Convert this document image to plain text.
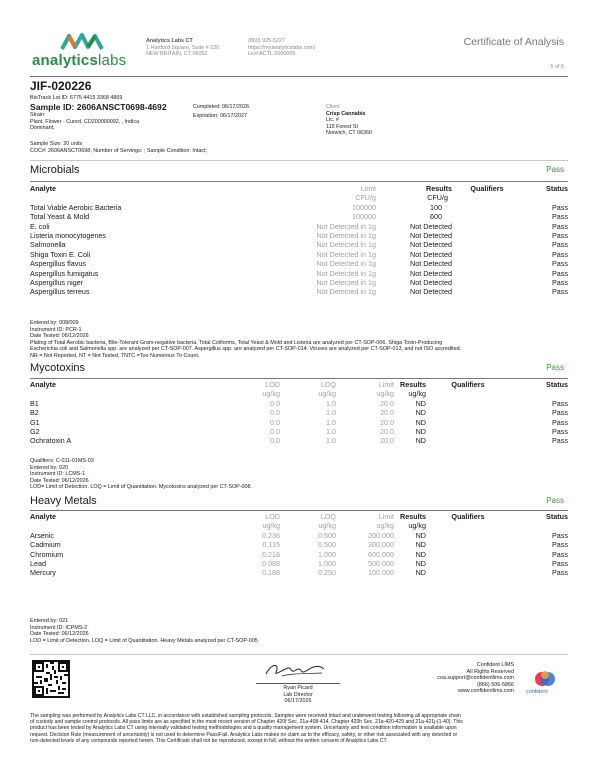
analyticslabs
Analytics Labs CT
1 Hartford Square, Suite # 230
NEW BRITAIN, CT 06052
(860) 925-5227
https://myanalyticslabs.com/
Lic# ACTL.0000005
Certificate of Analysis
5 of 5
JIF-020226
BioTrack Lot ID: 6775 4415 3368 4869
Sample ID: 2606ANSCT0698-4692
Strain:
Plant, Flower - Cured, CD200000092, , Indica
Dominant,
Completed: 06/17/2026
Expiration: 06/17/2027
Sample Size: 20 units
COC#: 2606ANSCT0698; Number of Servings: ; Sample Condition: Intact;
Client
Crisp Cannabis
Lic. #
115 Forest St
Norwich, CT 06360
Microbials	Pass
Analyte	Limit	Results	Qualifiers	Status
	CFU/g	CFU/g		
Total Viable Aerobic Bacteria	100000	100		Pass
Total Yeast & Mold	100000	600		Pass
E. coli	Not Detected in 1g	Not Detected		Pass
Listeria monocytogenes	Not Detected in 1g	Not Detected		Pass
Salmonella	Not Detected in 1g	Not Detected		Pass
Shiga Toxin E. Coli	Not Detected in 1g	Not Detected		Pass
Aspergillus flavus	Not Detected in 1g	Not Detected		Pass
Aspergillus fumigatus	Not Detected in 1g	Not Detected		Pass
Aspergillus niger	Not Detected in 1g	Not Detected		Pass
Aspergillus terreus	Not Detected in 1g	Not Detected		Pass
Entered by: 008/009
Instrument ID: PCR-1
Date Tested: 06/12/2026
Plating of Total Aerobic bacteria, Bile-Tolerant Gram-negative bacteria, Total Coliforms, Total Yeast & Mold and Listeria are analyzed per CT-SOP-006. Shiga Toxin-Producing
Escherichia coli and Salmonella spp. are analyzed per CT-SOP-007. Aspergillus spp. are analyzed per CT-SOP-014. Viruses are analyzed per CT-SOP-013, and not ISO accredited.
NR = Not Reported, NT = Not Tested, TNTC =Too Numerous To Count.
Mycotoxins	Pass
Analyte	LOD	LOQ	Limit	Results	Qualifiers	Status
	ug/kg	ug/kg	ug/kg	ug/kg		
B1	0.0	1.0	20.0	ND		Pass
B2	0.0	1.0	20.0	ND		Pass
G1	0.0	1.0	20.0	ND		Pass
G2	0.0	1.0	20.0	ND		Pass
Ochratoxin A	0.0	1.0	20.0	ND		Pass
Qualifiers: C-011-01MS-03
Entered by: 020
Instrument ID: LCMS-1
Date Tested: 06/12/2026
LOD= Limit of Detection. LOQ = Limit of Quantitation. Mycotoxins analyzed per CT-SOP-008.
Heavy Metals	Pass
Analyte	LOD	LOQ	Limit	Results	Qualifiers	Status
	ug/kg	ug/kg	ug/kg	ug/kg		
Arsenic	0.236	0.500	200.000	ND		Pass
Cadmium	0.115	0.500	200.000	ND		Pass
Chromium	0.216	1.000	600.000	ND		Pass
Lead	0.088	1.000	500.000	ND		Pass
Mercury	0.188	0.250	100.000	ND		Pass
Entered by: 021
Instrument ID: ICPMS-2
Date Tested: 06/12/2026
LOD = Limit of Detection. LOQ = Limit of Quantitation. Heavy Metals analyzed per CT-SOP-005
Ryan Picard
Lab Director
06/17/2026
Confident LIMS
All Rights Reserved
coa.support@confidentlims.com
(866) 506-5866
www.confidentlims.com confident
The sampling was performed by Analytics Labs CT LLC, in accordance with established sampling protocols. Samples were received intact and underwent testing following all appropriate chain
of custody and sample control protocols. All pass limits are as specified in the most recent version of Chapter 420f Sec. 21a-408-414, Chapter 420h Sec. 21a-420-429 and 21a-421j-(1-40). This
product has been tested by Analytics Labs CT using internally validated testing methodologies and a quality management system. Uncertainty and test condition information is available upon
request. Decision Rule (measurement of uncertainty) is not used to determine Pass/Fail. Analytics Labs makes no claim as to the efficacy, safety, or other risk associated with any detected or
non-detected levels of any compounds reported herein. This Certificate shall not be reproduced, except in full, without the written consent of Analytics Labs CT.
